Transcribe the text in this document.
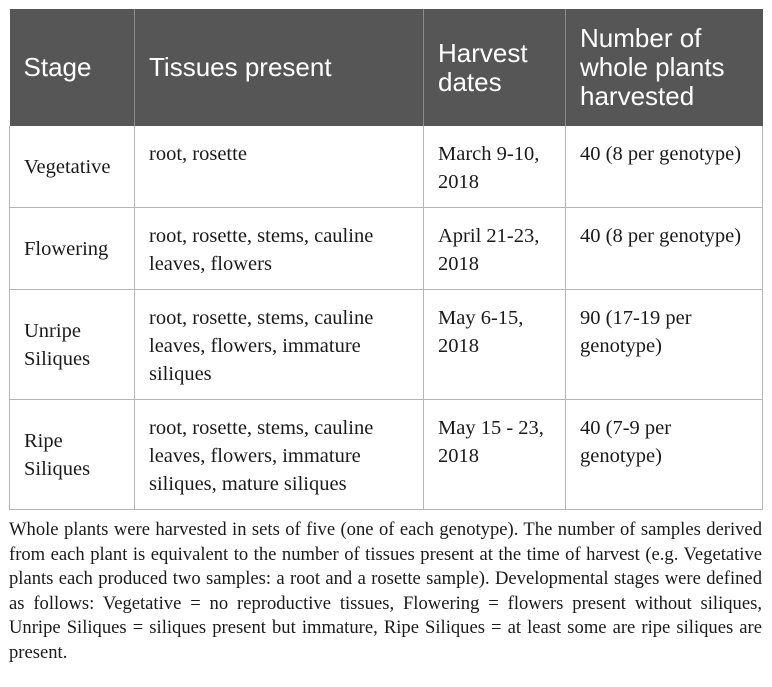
Stage	Tissues present	Harvest dates	Number of whole plants harvested
Vegetative	root, rosette	March 9-10, 2018	40 (8 per genotype)
Flowering	root, rosette, stems, cauline leaves, flowers	April 21-23, 2018	40 (8 per genotype)
Unripe Siliques	root, rosette, stems, cauline leaves, flowers, immature siliques	May 6-15, 2018	90 (17-19 per genotype)
Ripe Siliques	root, rosette, stems, cauline leaves, flowers, immature siliques, mature siliques	May 15 - 23, 2018	40 (7-9 per genotype)

Whole plants were harvested in sets of five (one of each genotype). The number of samples derived from each plant is equivalent to the number of tissues present at the time of harvest (e.g. Vegetative plants each produced two samples: a root and a rosette sample). Developmental stages were defined as follows: Vegetative = no reproductive tissues, Flowering = flowers present without siliques, Unripe Siliques = siliques present but immature, Ripe Siliques = at least some are ripe siliques are present.
